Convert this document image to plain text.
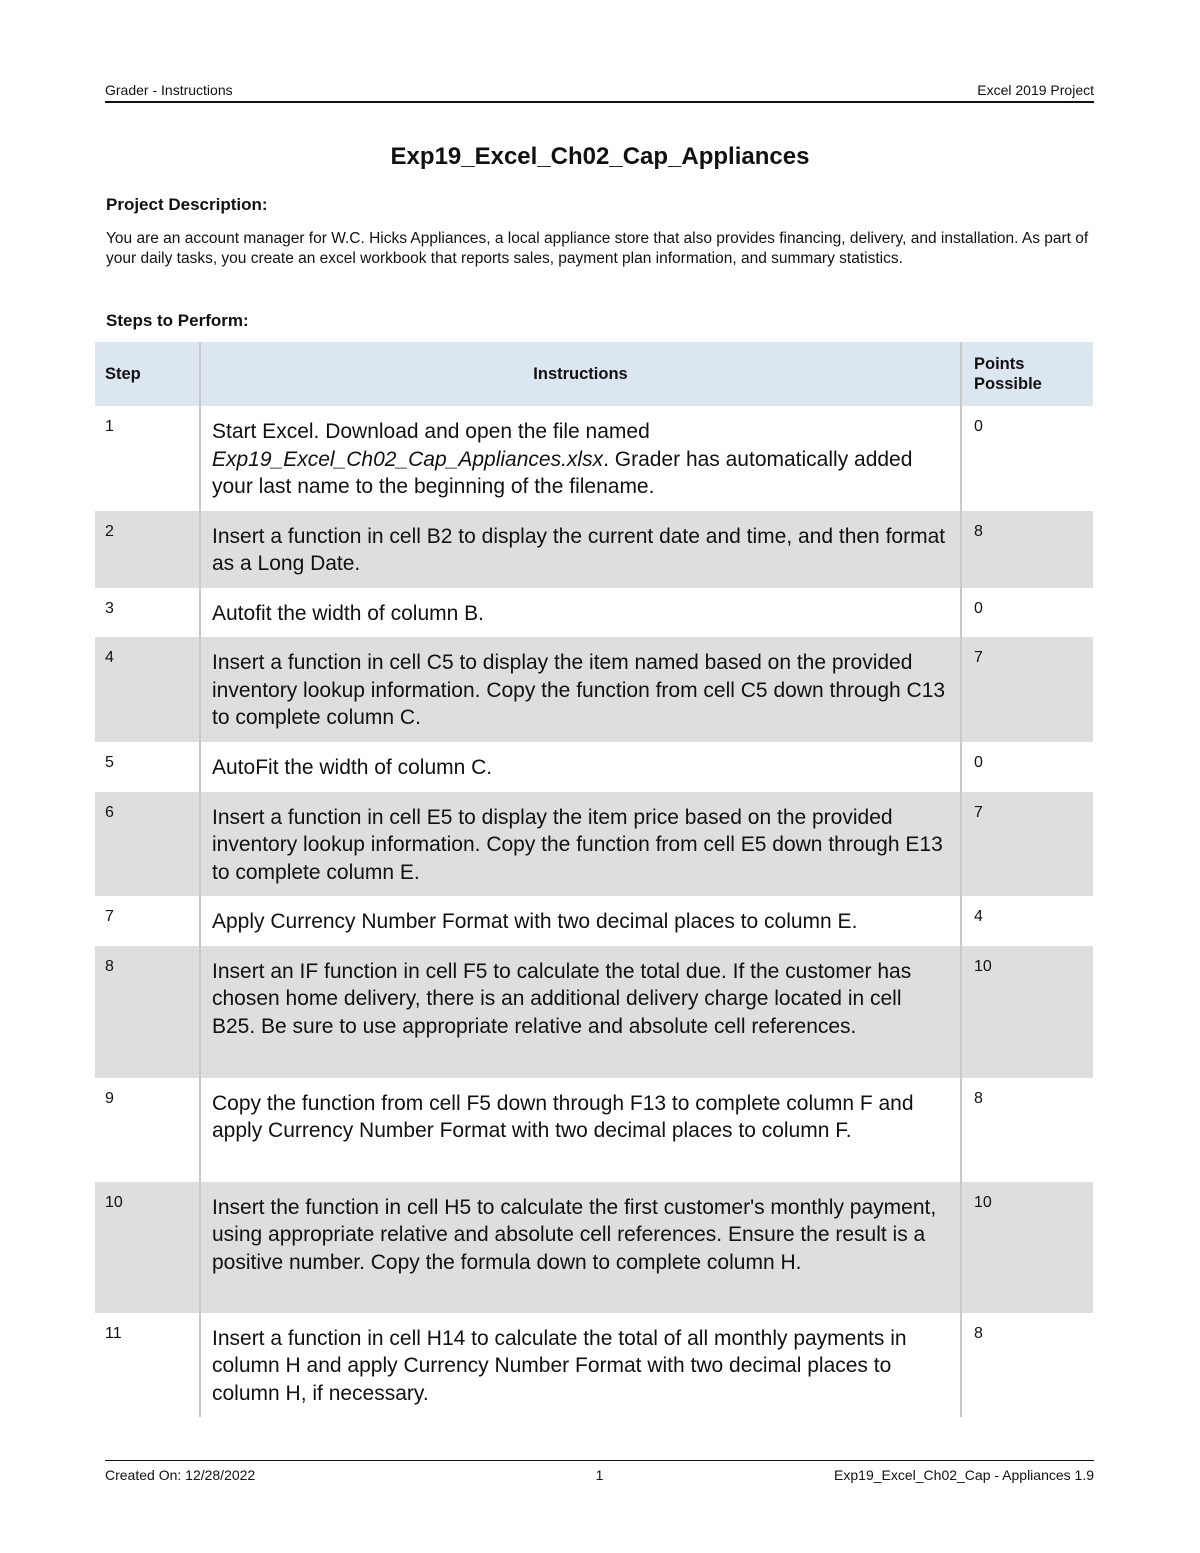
Grader - Instructions	Excel 2019 Project
Exp19_Excel_Ch02_Cap_Appliances

Project Description:

You are an account manager for W.C. Hicks Appliances, a local appliance store that also provides financing, delivery, and installation. As part of your daily tasks, you create an excel workbook that reports sales, payment plan information, and summary statistics.

Steps to Perform:

Step	Instructions	Points Possible
1	Start Excel. Download and open the file named Exp19_Excel_Ch02_Cap_Appliances.xlsx. Grader has automatically added your last name to the beginning of the filename.	0
2	Insert a function in cell B2 to display the current date and time, and then format as a Long Date.	8
3	Autofit the width of column B.	0
4	Insert a function in cell C5 to display the item named based on the provided inventory lookup information. Copy the function from cell C5 down through C13 to complete column C.	7
5	AutoFit the width of column C.	0
6	Insert a function in cell E5 to display the item price based on the provided inventory lookup information. Copy the function from cell E5 down through E13 to complete column E.	7
7	Apply Currency Number Format with two decimal places to column E.	4
8	Insert an IF function in cell F5 to calculate the total due. If the customer has chosen home delivery, there is an additional delivery charge located in cell B25. Be sure to use appropriate relative and absolute cell references.	10
9	Copy the function from cell F5 down through F13 to complete column F and apply Currency Number Format with two decimal places to column F.	8
10	Insert the function in cell H5 to calculate the first customer's monthly payment, using appropriate relative and absolute cell references. Ensure the result is a positive number. Copy the formula down to complete column H.	10
11	Insert a function in cell H14 to calculate the total of all monthly payments in column H and apply Currency Number Format with two decimal places to column H, if necessary.	8
Created On: 12/28/2022	1	Exp19_Excel_Ch02_Cap - Appliances 1.9
